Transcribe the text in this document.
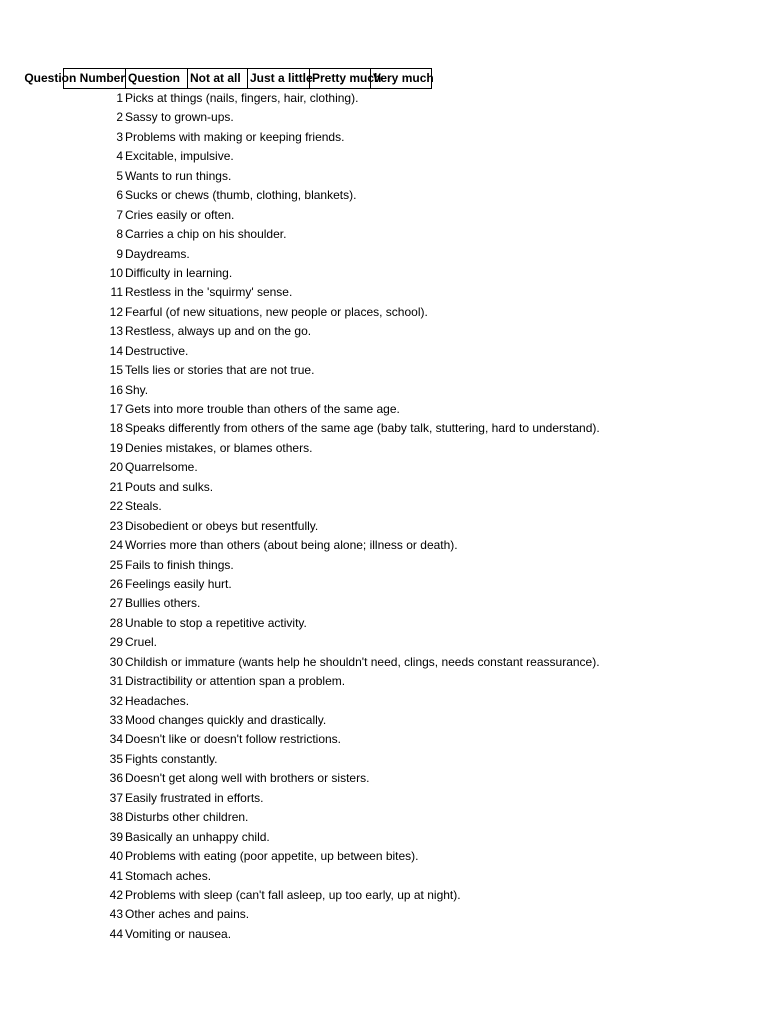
Question Number Question Not at all Just a little Pretty much
Very much
1 Picks at things (nails, fingers, hair, clothing).
2 Sassy to grown-ups.
3 Problems with making or keeping friends.
4 Excitable, impulsive.
5 Wants to run things.
6 Sucks or chews (thumb, clothing, blankets).
7 Cries easily or often.
8 Carries a chip on his shoulder.
9 Daydreams.
10 Difficulty in learning.
11 Restless in the 'squirmy' sense.
12 Fearful (of new situations, new people or places, school).
13 Restless, always up and on the go.
14 Destructive.
15 Tells lies or stories that are not true.
16 Shy.
17 Gets into more trouble than others of the same age.
18 Speaks differently from others of the same age (baby talk, stuttering, hard to understand).
19 Denies mistakes, or blames others.
20 Quarrelsome.
21 Pouts and sulks.
22 Steals.
23 Disobedient or obeys but resentfully.
24 Worries more than others (about being alone; illness or death).
25 Fails to finish things.
26 Feelings easily hurt.
27 Bullies others.
28 Unable to stop a repetitive activity.
29 Cruel.
30 Childish or immature (wants help he shouldn't need, clings, needs constant reassurance).
31 Distractibility or attention span a problem.
32 Headaches.
33 Mood changes quickly and drastically.
34 Doesn't like or doesn't follow restrictions.
35 Fights constantly.
36 Doesn't get along well with brothers or sisters.
37 Easily frustrated in efforts.
38 Disturbs other children.
39 Basically an unhappy child.
40 Problems with eating (poor appetite, up between bites).
41 Stomach aches.
42 Problems with sleep (can't fall asleep, up too early, up at night).
43 Other aches and pains.
44 Vomiting or nausea.
